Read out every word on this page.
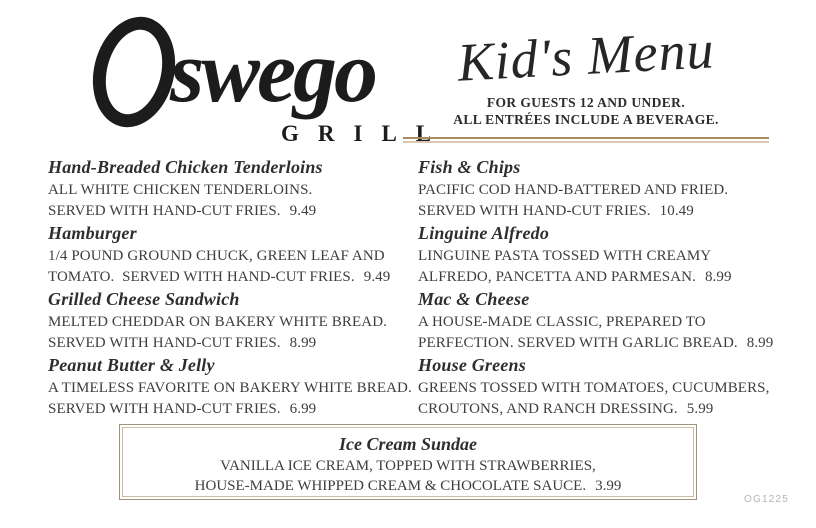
swego
GRILL
Kid's Menu
FOR GUESTS 12 AND UNDER.
ALL ENTRÉES INCLUDE A BEVERAGE.
Hand-Breaded Chicken Tenderloins
ALL WHITE CHICKEN TENDERLOINS.
SERVED WITH HAND-CUT FRIES. 9.49
Hamburger
1/4 POUND GROUND CHUCK, GREEN LEAF AND
TOMATO.  SERVED WITH HAND-CUT FRIES. 9.49
Grilled Cheese Sandwich
MELTED CHEDDAR ON BAKERY WHITE BREAD.
SERVED WITH HAND-CUT FRIES. 8.99
Peanut Butter & Jelly
A TIMELESS FAVORITE ON BAKERY WHITE BREAD.
SERVED WITH HAND-CUT FRIES. 6.99
Fish & Chips
PACIFIC COD HAND-BATTERED AND FRIED.
SERVED WITH HAND-CUT FRIES. 10.49
Linguine Alfredo
LINGUINE PASTA TOSSED WITH CREAMY
ALFREDO, PANCETTA AND PARMESAN. 8.99
Mac & Cheese
A HOUSE-MADE CLASSIC, PREPARED TO
PERFECTION. SERVED WITH GARLIC BREAD. 8.99
House Greens
GREENS TOSSED WITH TOMATOES, CUCUMBERS,
CROUTONS, AND RANCH DRESSING. 5.99
Ice Cream Sundae
VANILLA ICE CREAM, TOPPED WITH STRAWBERRIES,
HOUSE-MADE WHIPPED CREAM & CHOCOLATE SAUCE. 3.99
OG1225
